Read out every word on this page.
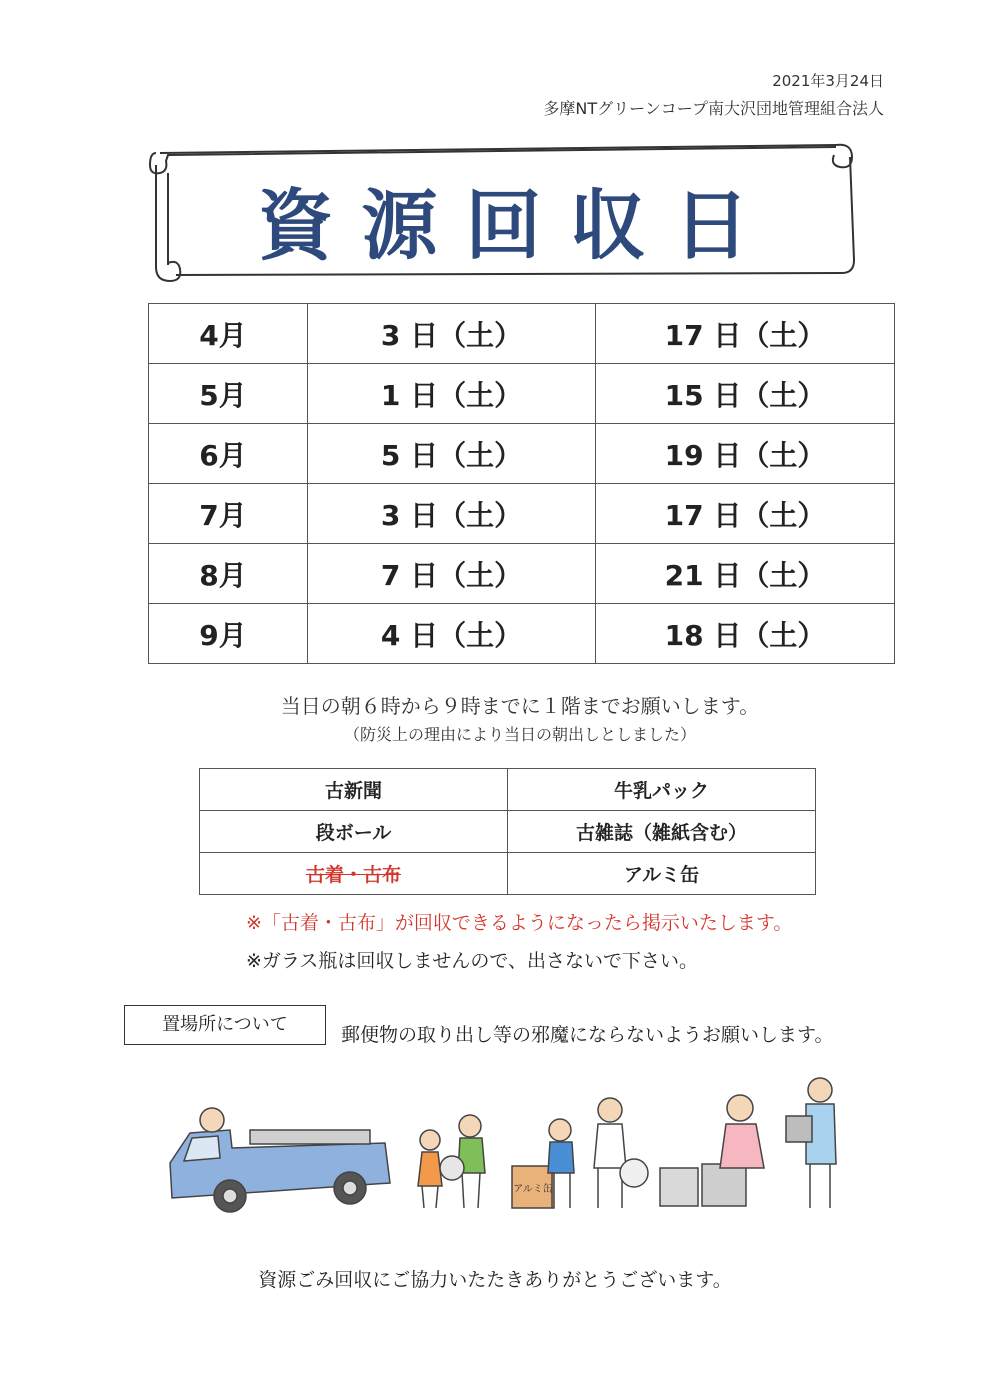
2021年3月24日
多摩NTグリーンコープ南大沢団地管理組合法人
資源回収日
4月	3 日（土）	17 日（土）
5月	1 日（土）	15 日（土）
6月	5 日（土）	19 日（土）
7月	3 日（土）	17 日（土）
8月	7 日（土）	21 日（土）
9月	4 日（土）	18 日（土）
当日の朝６時から９時までに１階までお願いします。
（防災上の理由により当日の朝出しとしました）
古新聞	牛乳パック
段ボール	古雑誌（雑紙含む）
古着・古布	アルミ缶
※「古着・古布」が回収できるようになったら掲示いたします。
※ガラス瓶は回収しませんので、出さないで下さい。
置場所について	郵便物の取り出し等の邪魔にならないようお願いします。
アルミ缶
資源ごみ回収にご協力いたたきありがとうございます。
